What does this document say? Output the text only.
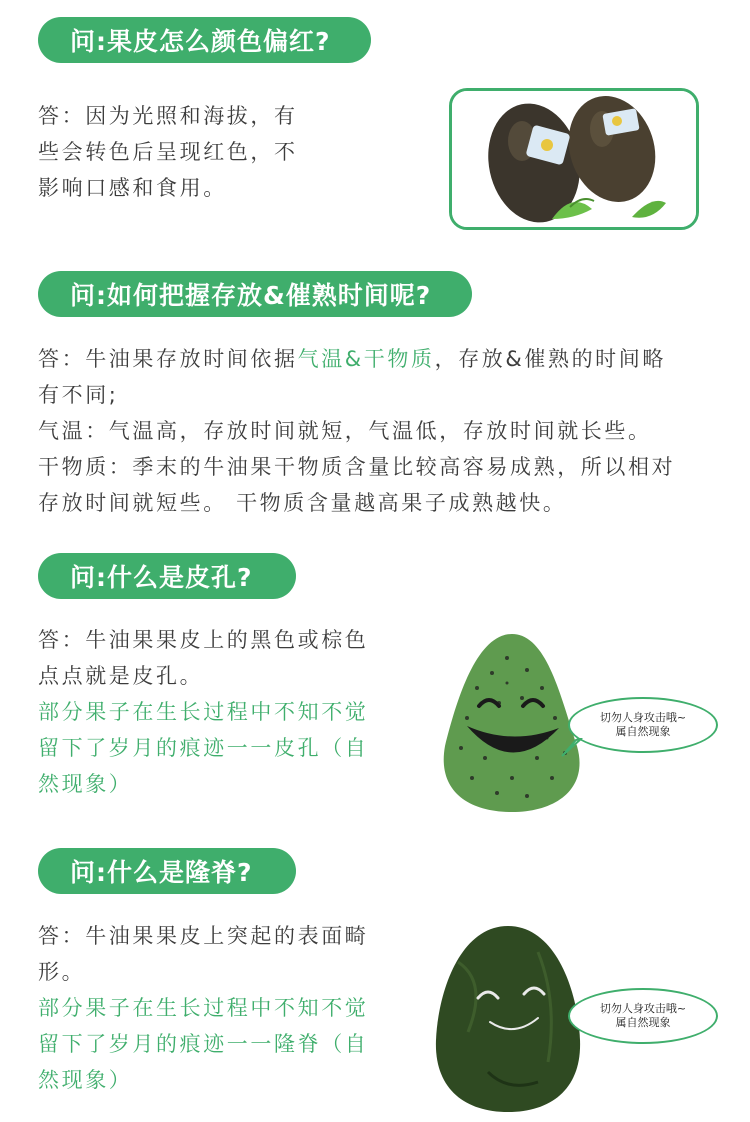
问:果皮怎么颜色偏红?
答：因为光照和海拔，有
些会转色后呈现红色，不
影响口感和食用。
问:如何把握存放&催熟时间呢?
答：牛油果存放时间依据气温&干物质，存放&催熟的时间略
有不同;
气温：气温高，存放时间就短，气温低，存放时间就长些。
干物质：季末的牛油果干物质含量比较高容易成熟，所以相对
存放时间就短些。 干物质含量越高果子成熟越快。
问:什么是皮孔?
答：牛油果果皮上的黑色或棕色
点点就是皮孔。
部分果子在生长过程中不知不觉
留下了岁月的痕迹一一皮孔（自
然现象）
切勿人身攻击哦~
属自然现象
问:什么是隆脊?
答：牛油果果皮上突起的表面畸
形。
部分果子在生长过程中不知不觉
留下了岁月的痕迹一一隆脊（自
然现象）
切勿人身攻击哦~
属自然现象
